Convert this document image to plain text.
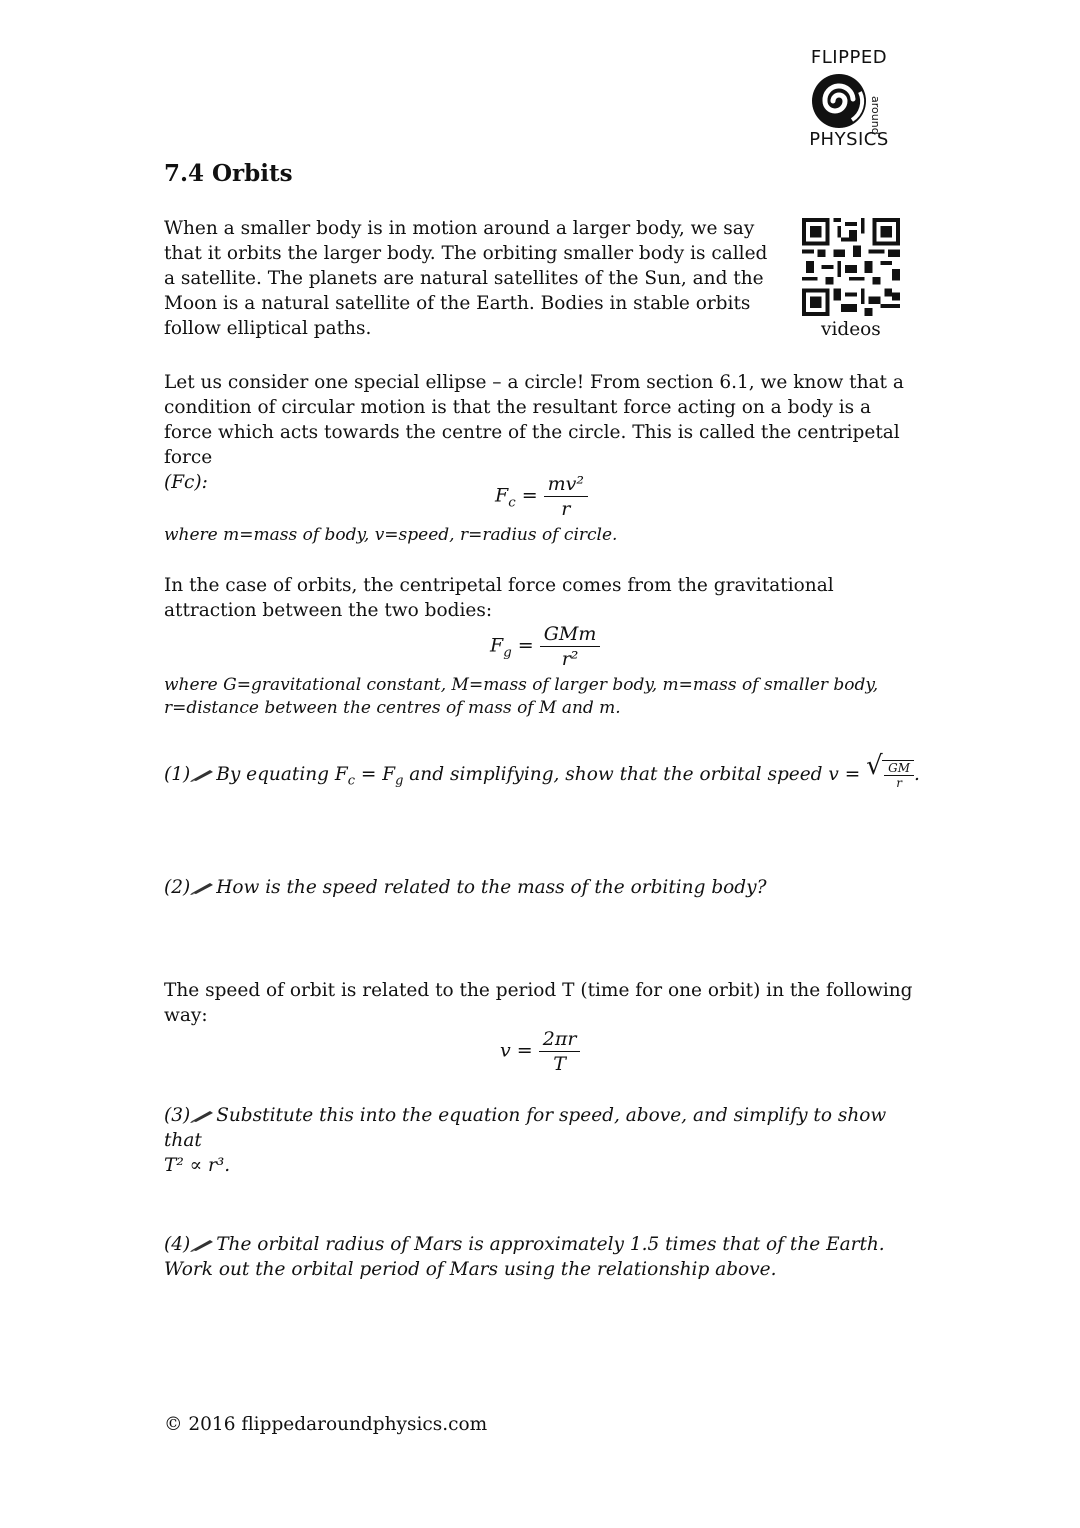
FLIPPED
around
PHYSICS
7.4 Orbits
When a smaller body is in motion around a larger body, we say that it orbits the larger body. The orbiting smaller body is called a satellite. The planets are natural satellites of the Sun, and the Moon is a natural satellite of the Earth. Bodies in stable orbits follow elliptical paths.	videos
Let us consider one special ellipse – a circle! From section 6.1, we know that a condition of circular motion is that the resultant force acting on a body is a force which acts towards the centre of the circle. This is called the centripetal force
(Fc):
$F_c = \frac{\text{mv²}}{r}$
where m=mass of body, v=speed, r=radius of circle.
In the case of orbits, the centripetal force comes from the gravitational attraction between the two bodies:
$F_g = \frac{\text{GMm}}{\text{r²}}$
where G=gravitational constant, M=mass of larger body, m=mass of smaller body, r=distance between the centres of mass of M and m.
(1) By equating $F_c = F_g$ and simplifying, show that the orbital speed v = √ $\frac{GM}{r}$ .
(2) How is the speed related to the mass of the orbiting body?
The speed of orbit is related to the period T (time for one orbit) in the following way:
$v = \frac{2\pi r}{T}$
(3) Substitute this into the equation for speed, above, and simplify to show that
T² ∝ r³.
(4) The orbital radius of Mars is approximately 1.5 times that of the Earth. Work out the orbital period of Mars using the relationship above.
© 2016 flippedaroundphysics.com
